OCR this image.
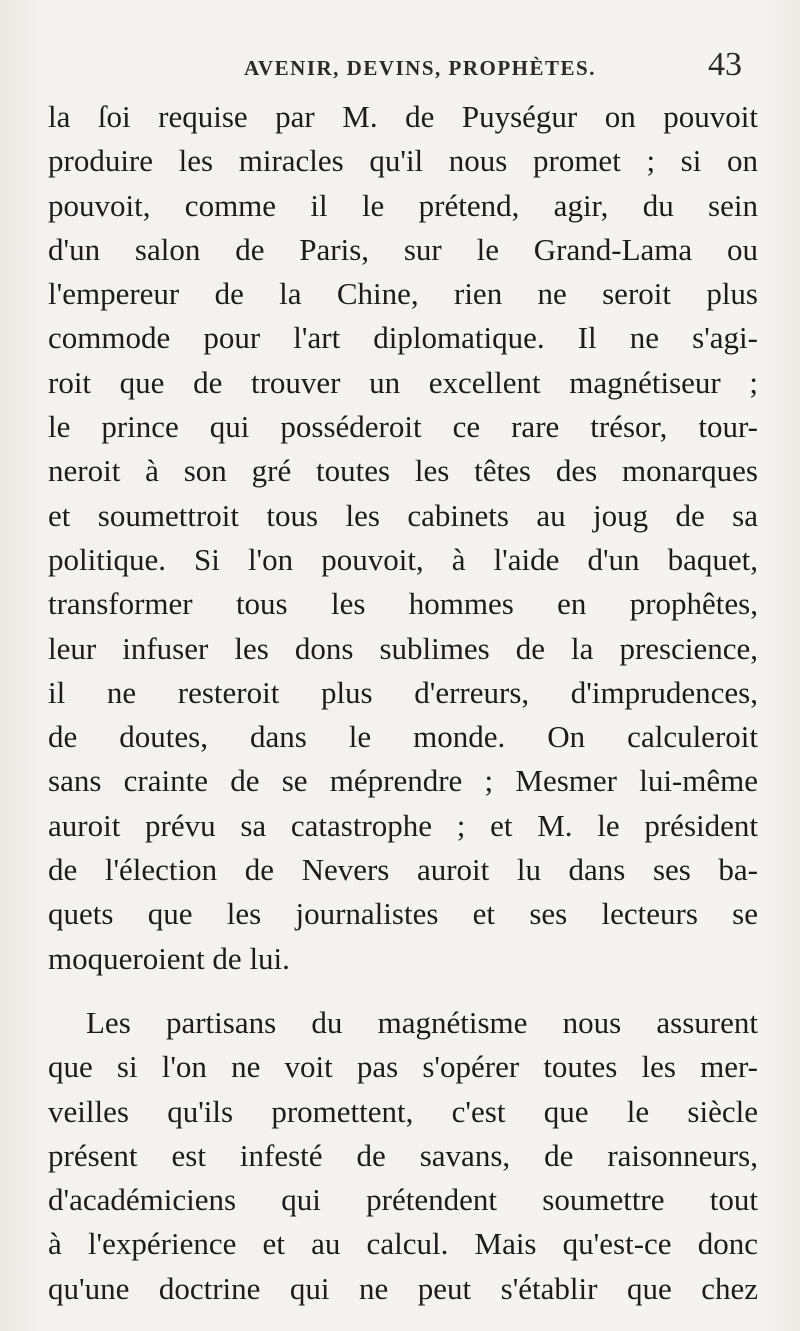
AVENIR, DEVINS, PROPHÈTES.	43
la ſoi requise par M. de Puységur on pouvoit
produire les miracles qu'il nous promet ; si on
pouvoit, comme il le prétend, agir, du sein
d'un salon de Paris, sur le Grand-Lama ou
l'empereur de la Chine, rien ne seroit plus
commode pour l'art diplomatique. Il ne s'agi-
roit que de trouver un excellent magnétiseur ;
le prince qui posséderoit ce rare trésor, tour-
neroit à son gré toutes les têtes des monarques
et soumettroit tous les cabinets au joug de sa
politique. Si l'on pouvoit, à l'aide d'un baquet,
transformer tous les hommes en prophêtes,
leur infuser les dons sublimes de la prescience,
il ne resteroit plus d'erreurs, d'imprudences,
de doutes, dans le monde. On calculeroit
sans crainte de se méprendre ; Mesmer lui-même
auroit prévu sa catastrophe ; et M. le président
de l'élection de Nevers auroit lu dans ses ba-
quets que les journalistes et ses lecteurs se
moqueroient de lui.
Les partisans du magnétisme nous assurent
que si l'on ne voit pas s'opérer toutes les mer-
veilles qu'ils promettent, c'est que le siècle
présent est infesté de savans, de raisonneurs,
d'académiciens qui prétendent soumettre tout
à l'expérience et au calcul. Mais qu'est-ce donc
qu'une doctrine qui ne peut s'établir que chez
